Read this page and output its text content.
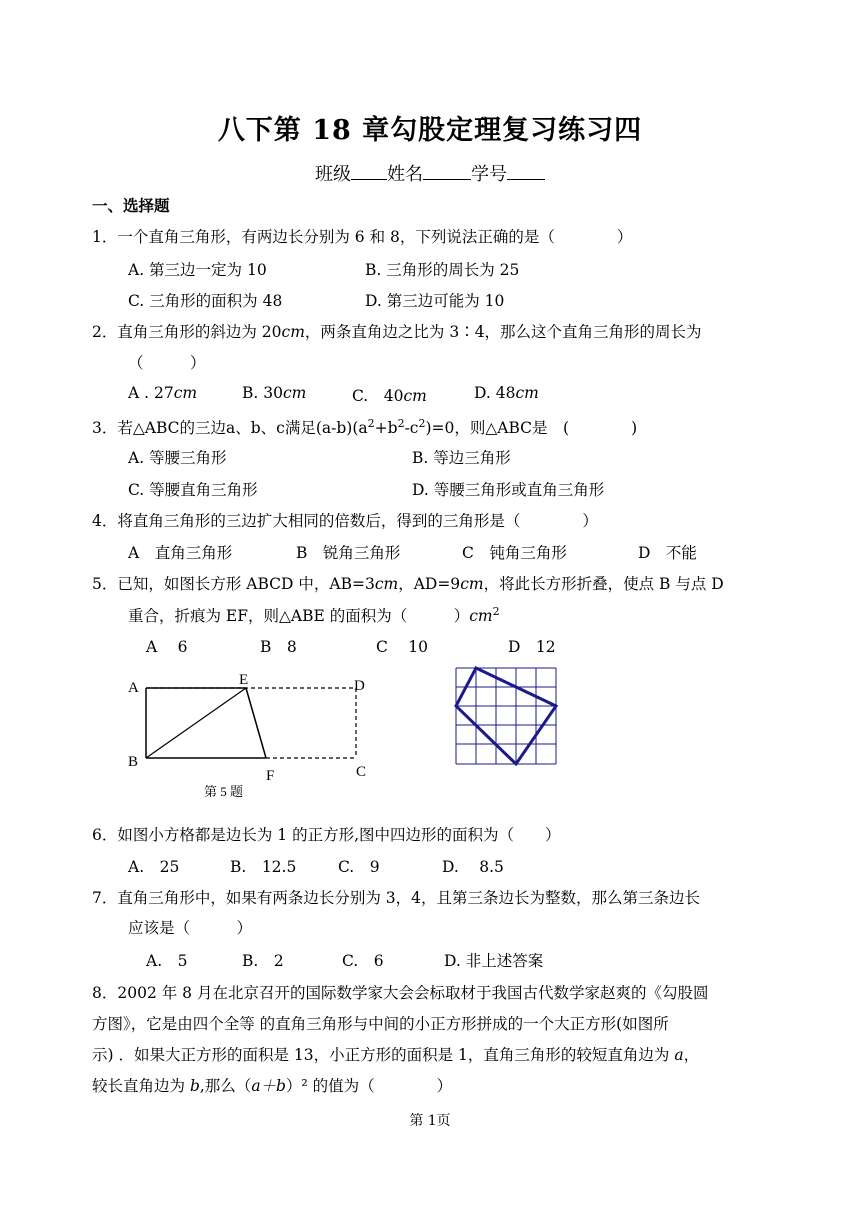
八下第 18 章勾股定理复习练习四
班级 姓名	学号
一、选择题
1．一个直角三角形，有两边长分别为 6 和 8，下列说法正确的是（　　　　）
A. 第三边一定为 10	B. 三角形的周长为 25
C. 三角形的面积为 48	D. 第三边可能为 10
2．直角三角形的斜边为 20cm，两条直角边之比为 3∶4，那么这个直角三角形的周长为
（　　　）
A . 27cm	B. 30cm	C.　40cm	D. 48cm
3．若△ABC的三边a、b、c满足$(a-b)(a^2+b^2-c^2)=0$，则△ABC是　(　　　　)
A. 等腰三角形	B. 等边三角形
C. 等腰直角三角形	D. 等腰三角形或直角三角形
4．将直角三角形的三边扩大相同的倍数后，得到的三角形是（　　　　）
A　直角三角形	B　锐角三角形	C　钝角三角形	D　不能
5．已知，如图长方形 ABCD 中，AB=3cm，AD=9cm，将此长方形折叠，使点 B 与点 D
重合，折痕为 EF，则△ABE 的面积为（　　　）$cm^2$
A　 6	B　8	C　 10	D　12
A	E	D
B
F	C
第 5 题
6．如图小方格都是边长为 1 的正方形,图中四边形的面积为（　　）
A.　25	B.　12.5	C.　9	D.　 8.5
7．直角三角形中，如果有两条边长分别为 3，4，且第三条边长为整数，那么第三条边长
应该是（　　　）
A.　5	B.　2	C.　6	D. 非上述答案
8．2002 年 8 月在北京召开的国际数学家大会会标取材于我国古代数学家赵爽的《勾股圆
方图》，它是由四个全等 的直角三角形与中间的小正方形拼成的一个大正方形(如图所
示) ．如果大正方形的面积是 13，小正方形的面积是 1，直角三角形的较短直角边为 a，
较长直角边为 b,那么（a＋b）² 的值为（　　　　）
第 1页
